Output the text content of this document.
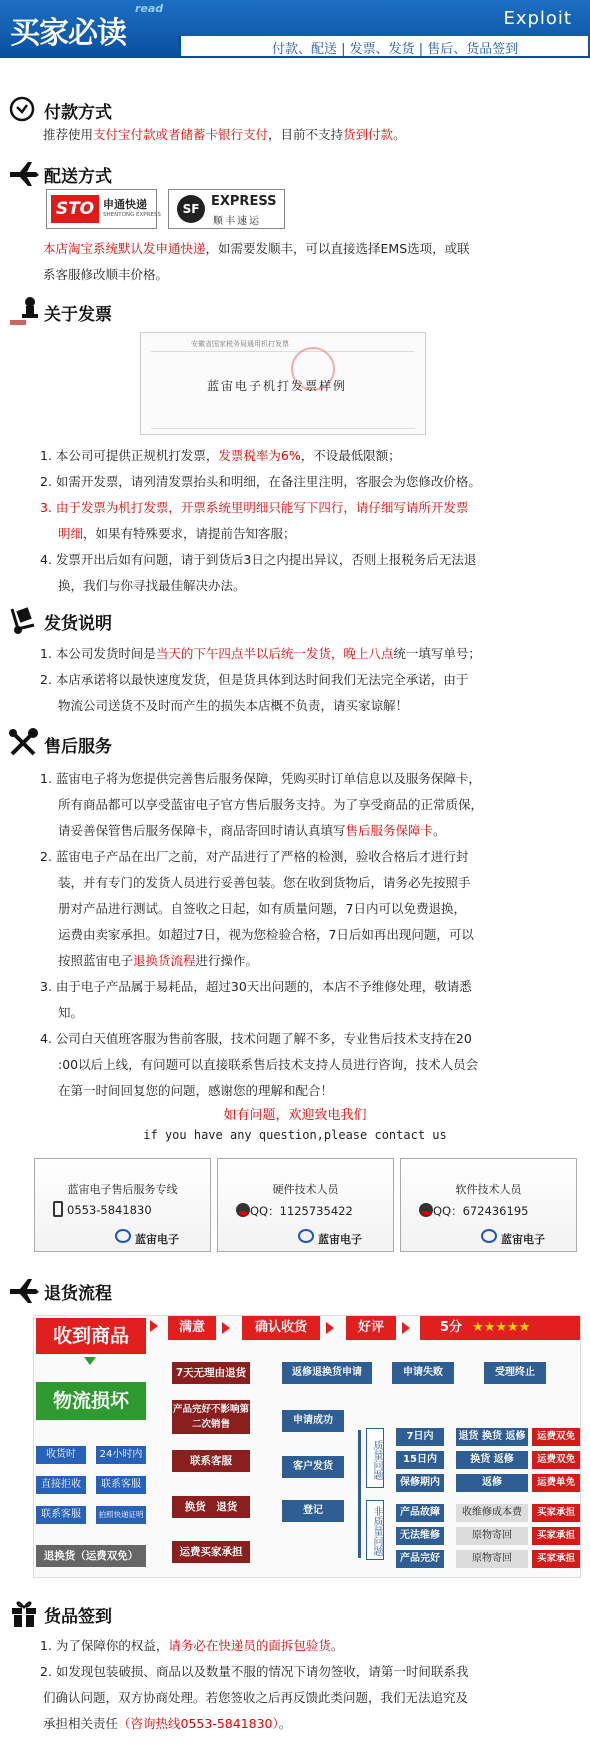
买家必读
read	Exploit
付款、配送 | 发票、发货 | 售后、货品签到
付款方式
推荐使用支付宝付款或者储蓄卡银行支付，目前不支持货到付款。
配送方式
STO 申通快递
SHENTONG EXPRESS	SF EXPRESS
顺丰速运
本店淘宝系统默认发申通快递，如需要发顺丰，可以直接选择EMS选项，或联
系客服修改顺丰价格。
关于发票
安徽省国家税务局通用机打发票
蓝宙电子机打发票样例
1. 本公司可提供正规机打发票，发票税率为6%，不设最低限额；
2. 如需开发票，请列清发票抬头和明细，在备注里注明，客服会为您修改价格。
3. 由于发票为机打发票，开票系统里明细只能写下四行，请仔细写请所开发票
明细，如果有特殊要求，请提前告知客服；
4. 发票开出后如有问题，请于到货后3日之内提出异议，否则上报税务后无法退
换，我们与你寻找最佳解决办法。
发货说明
1. 本公司发货时间是当天的下午四点半以后统一发货，晚上八点统一填写单号；
2. 本店承诺将以最快速度发货，但是货具体到达时间我们无法完全承诺，由于
物流公司送货不及时而产生的损失本店概不负责，请买家谅解！
售后服务
1. 蓝宙电子将为您提供完善售后服务保障，凭购买时订单信息以及服务保障卡，
所有商品都可以享受蓝宙电子官方售后服务支持。为了享受商品的正常质保，
请妥善保管售后服务保障卡，商品寄回时请认真填写售后服务保障卡。
2. 蓝宙电子产品在出厂之前，对产品进行了严格的检测，验收合格后才进行封
装，并有专门的发货人员进行妥善包装。您在收到货物后，请务必先按照手
册对产品进行测试。自签收之日起，如有质量问题，7日内可以免费退换，
运费由卖家承担。如超过7日，视为您检验合格，7日后如再出现问题，可以
按照蓝宙电子退换货流程进行操作。
3. 由于电子产品属于易耗品，超过30天出问题的，本店不予维修处理，敬请悉
知。
4. 公司白天值班客服为售前客服，技术问题了解不多，专业售后技术支持在20
:00以后上线，有问题可以直接联系售后技术支持人员进行咨询，技术人员会
在第一时间回复您的问题，感谢您的理解和配合！
如有问题，欢迎致电我们
if you have any question,please contact us
蓝宙电子售后服务专线
0553-5841830
蓝宙电子
硬件技术人员
QQ：1125735422
蓝宙电子
软件技术人员
QQ：672436195
蓝宙电子
退货流程
收到商品	满意	确认收货	好评	5分 ★★★★★
物流损坏
收货时	24小时内
直接拒收	联系客服
联系客服	拍照快递证明
退换货（运费双免）
7天无理由退货
产品完好不影响第二次销售
联系客服
换货　退货
运费买家承担
返修退换货申请	申请失败	受理终止
申请成功
客户发货
登记
质量问题
非质量问题
7日内	退货 换货 返修	运费双免
15日内	换货 返修	运费双免
保修期内	返修	运费单免
产品故障	收维修成本费	买家承担
无法维修	原物寄回	买家承担
产品完好	原物寄回	买家承担
货品签到
1. 为了保障你的权益，请务必在快递员的面拆包验货。
2. 如发现包装破损、商品以及数量不服的情况下请勿签收，请第一时间联系我
们确认问题，双方协商处理。若您签收之后再反馈此类问题，我们无法追究及
承担相关责任（咨询热线0553-5841830）。
